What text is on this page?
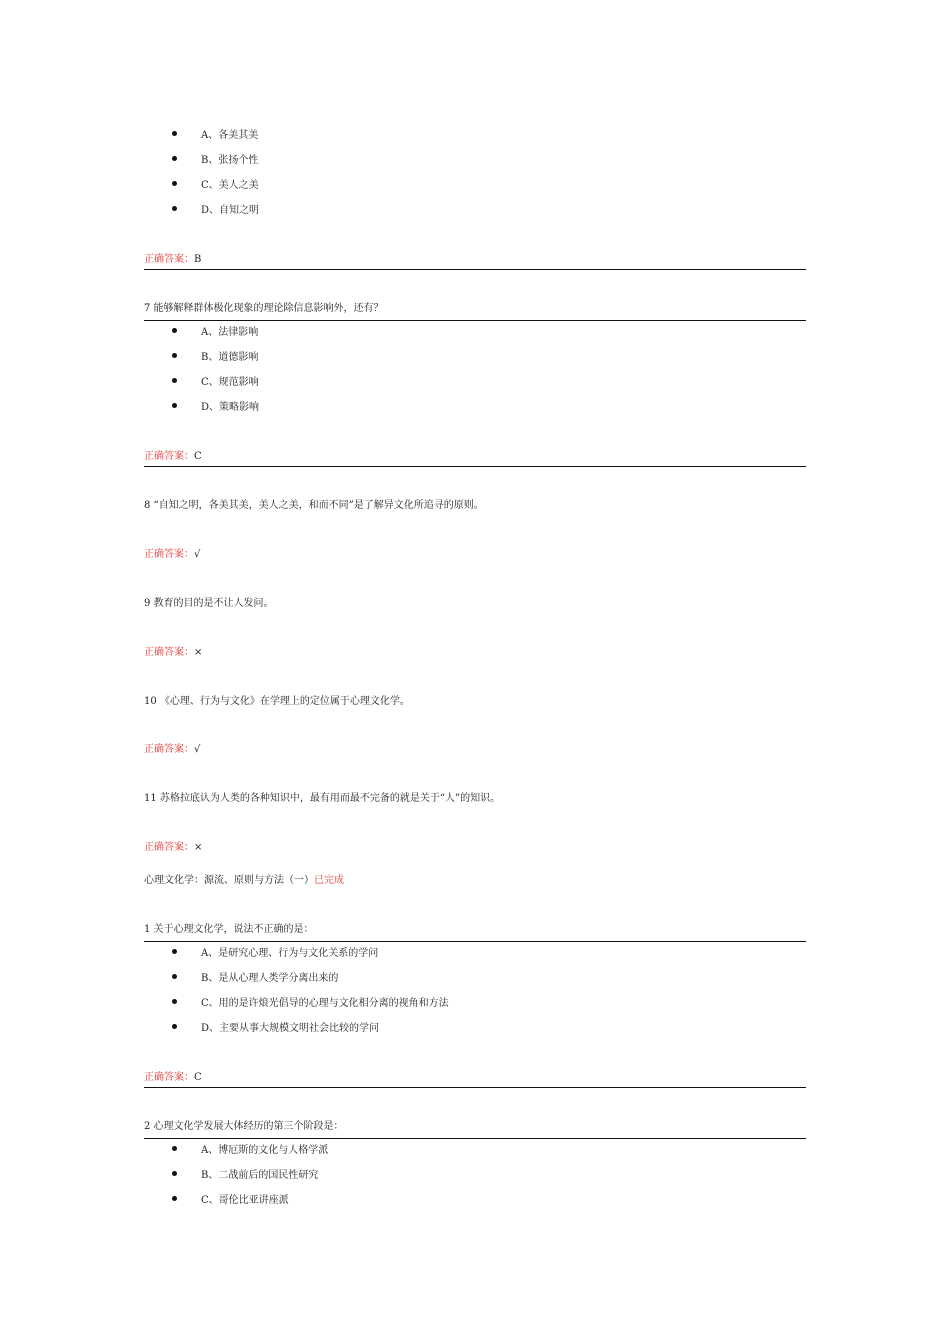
A、各美其美
B、张扬个性
C、美人之美
D、自知之明
正确答案：B
7 能够解释群体极化现象的理论除信息影响外，还有？
A、法律影响
B、道德影响
C、规范影响
D、策略影响
正确答案：C
8 “自知之明，各美其美，美人之美，和而不同”是了解异文化所追寻的原则。
正确答案：√
9 教育的目的是不让人发问。
正确答案：×
10 《心理、行为与文化》在学理上的定位属于心理文化学。
正确答案：√
11 苏格拉底认为人类的各种知识中，最有用而最不完备的就是关于“人”的知识。
正确答案：×
心理文化学：源流、原则与方法（一）已完成
1 关于心理文化学，说法不正确的是：
A、是研究心理、行为与文化关系的学问
B、是从心理人类学分离出来的
C、用的是许烺光倡导的心理与文化相分离的视角和方法
D、主要从事大规模文明社会比较的学问
正确答案：C
2 心理文化学发展大体经历的第三个阶段是：
A、博厄斯的文化与人格学派
B、二战前后的国民性研究
C、哥伦比亚讲座派
